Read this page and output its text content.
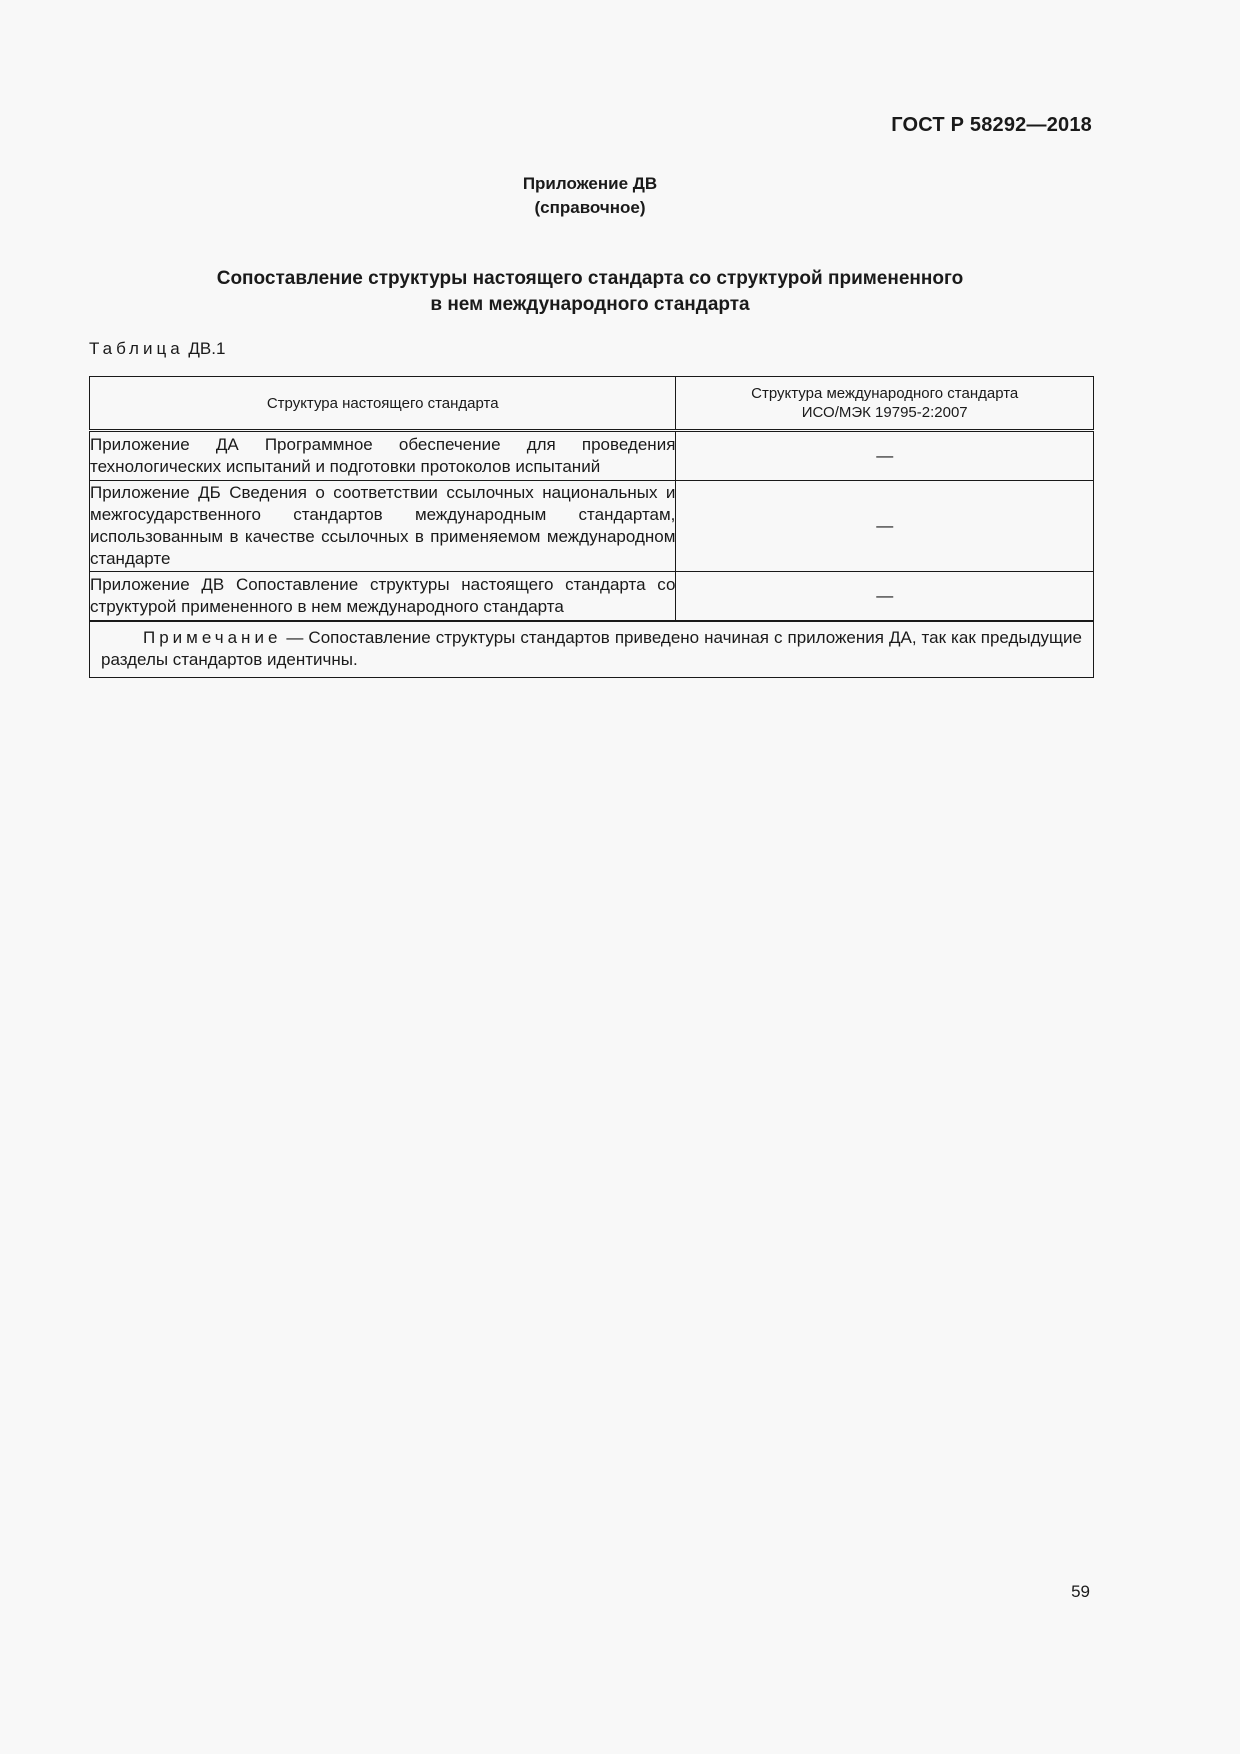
ГОСТ Р 58292—2018
Приложение ДВ
(справочное)
Сопоставление структуры настоящего стандарта со структурой примененного
в нем международного стандарта
Таблица ДВ.1
Структура настоящего стандарта	Структура международного стандарта
ИСО/МЭК 19795-2:2007

Приложение ДА Программное обеспечение для проведения технологических испытаний и подготовки протоколов испытаний	—
Приложение ДБ Сведения о соответствии ссылочных национальных и межгосударственного стандартов международным стандартам, использованным в качестве ссылочных в применяемом международном стандарте	—
Приложение ДВ Сопоставление структуры настоящего стандарта со структурой примененного в нем международного стандарта	—
Примечание — Сопоставление структуры стандартов приведено начиная с приложения ДА, так как предыдущие разделы стандартов идентичны.	
59
